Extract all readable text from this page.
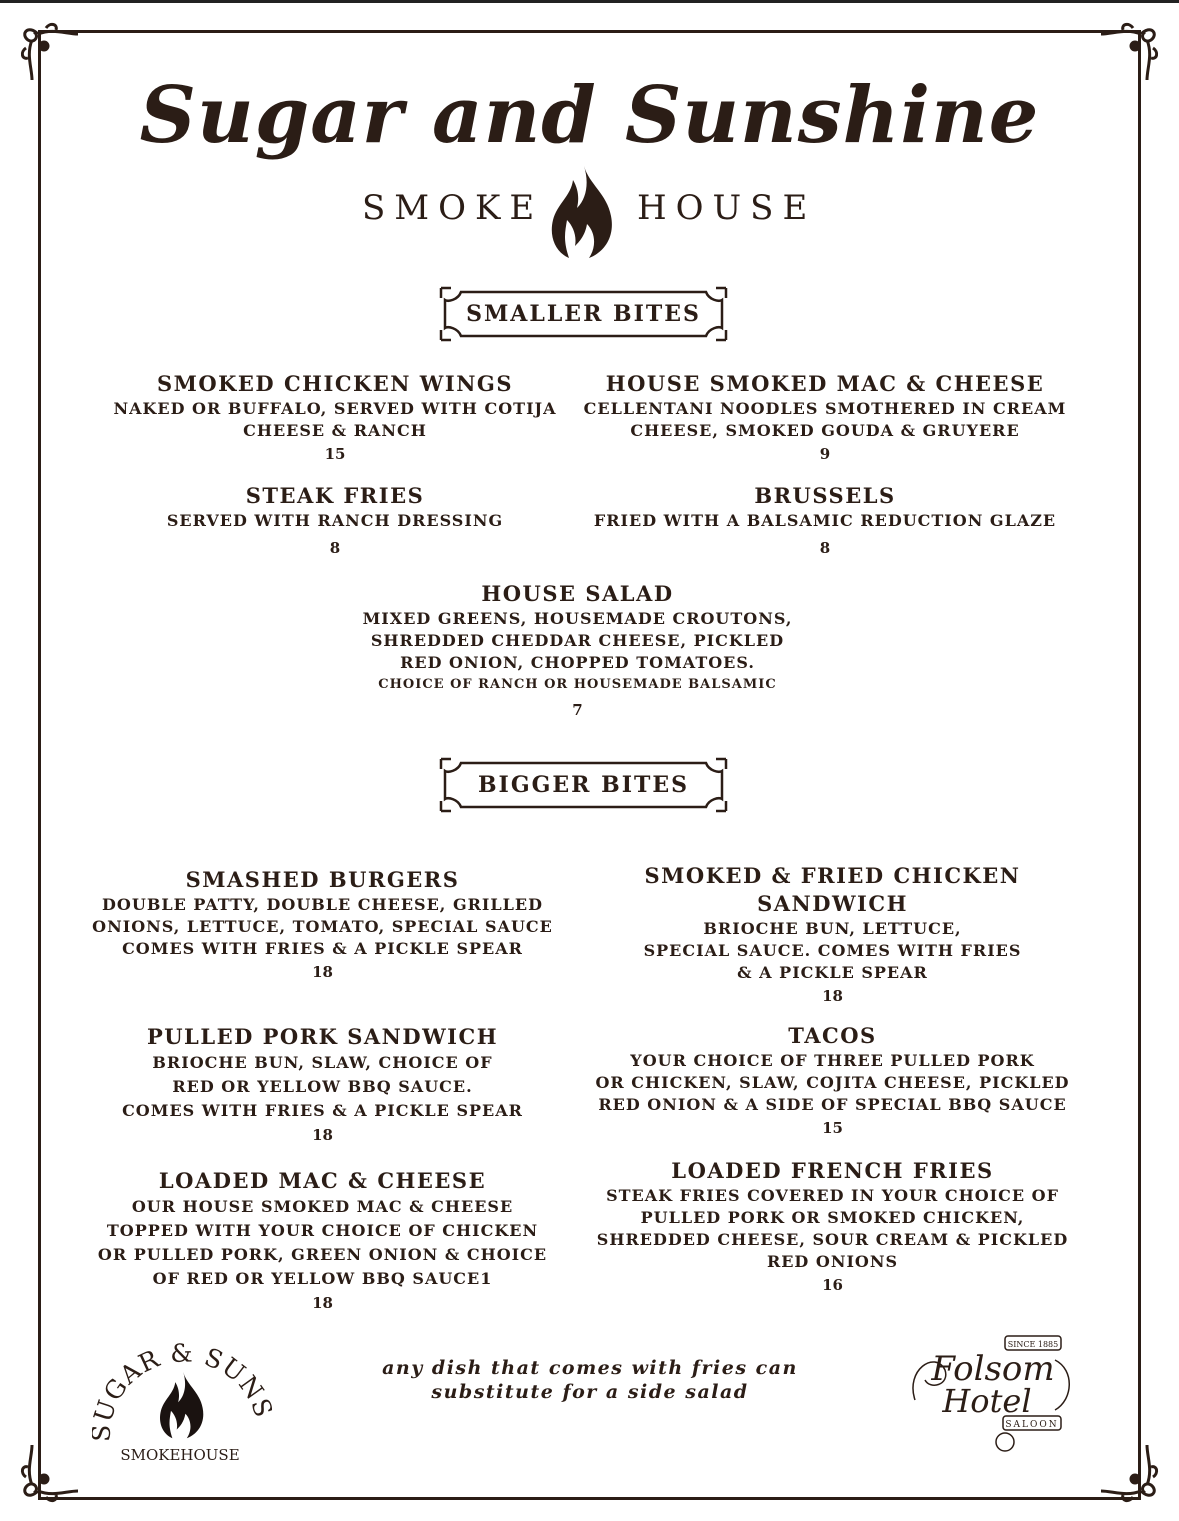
Sugar and Sunshine
SMOKE	HOUSE
SMALLER BITES
SMOKED CHICKEN WINGS
NAKED OR BUFFALO, SERVED WITH COTIJA
CHEESE & RANCH
15
HOUSE SMOKED MAC & CHEESE
CELLENTANI NOODLES SMOTHERED IN CREAM
CHEESE, SMOKED GOUDA & GRUYERE
9
STEAK FRIES
SERVED WITH RANCH DRESSING
8
BRUSSELS
FRIED WITH A BALSAMIC REDUCTION GLAZE
8
HOUSE SALAD
MIXED GREENS, HOUSEMADE CROUTONS,
SHREDDED CHEDDAR CHEESE, PICKLED
RED ONION, CHOPPED TOMATOES.
CHOICE OF RANCH OR HOUSEMADE BALSAMIC
7
BIGGER BITES
SMASHED BURGERS
DOUBLE PATTY, DOUBLE CHEESE, GRILLED
ONIONS, LETTUCE, TOMATO, SPECIAL SAUCE
COMES WITH FRIES & A PICKLE SPEAR
18
SMOKED & FRIED CHICKEN SANDWICH
BRIOCHE BUN, LETTUCE,
SPECIAL SAUCE. COMES WITH FRIES
& A PICKLE SPEAR
18
PULLED PORK SANDWICH
BRIOCHE BUN, SLAW, CHOICE OF
RED OR YELLOW BBQ SAUCE.
COMES WITH FRIES & A PICKLE SPEAR
18
TACOS
YOUR CHOICE OF THREE PULLED PORK
OR CHICKEN, SLAW, COJITA CHEESE, PICKLED
RED ONION & A SIDE OF SPECIAL BBQ SAUCE
15
LOADED MAC & CHEESE
OUR HOUSE SMOKED MAC & CHEESE
TOPPED WITH YOUR CHOICE OF CHICKEN
OR PULLED PORK, GREEN ONION & CHOICE
OF RED OR YELLOW BBQ SAUCE1
18
LOADED FRENCH FRIES
STEAK FRIES COVERED IN YOUR CHOICE OF
PULLED PORK OR SMOKED CHICKEN,
SHREDDED CHEESE, SOUR CREAM & PICKLED
RED ONIONS
16
GAR & SUN
SMOKEHOUSE
any dish that comes with fries can
substitute for a side salad
SINCE 1885
Folsom
Hotel
SALOON
